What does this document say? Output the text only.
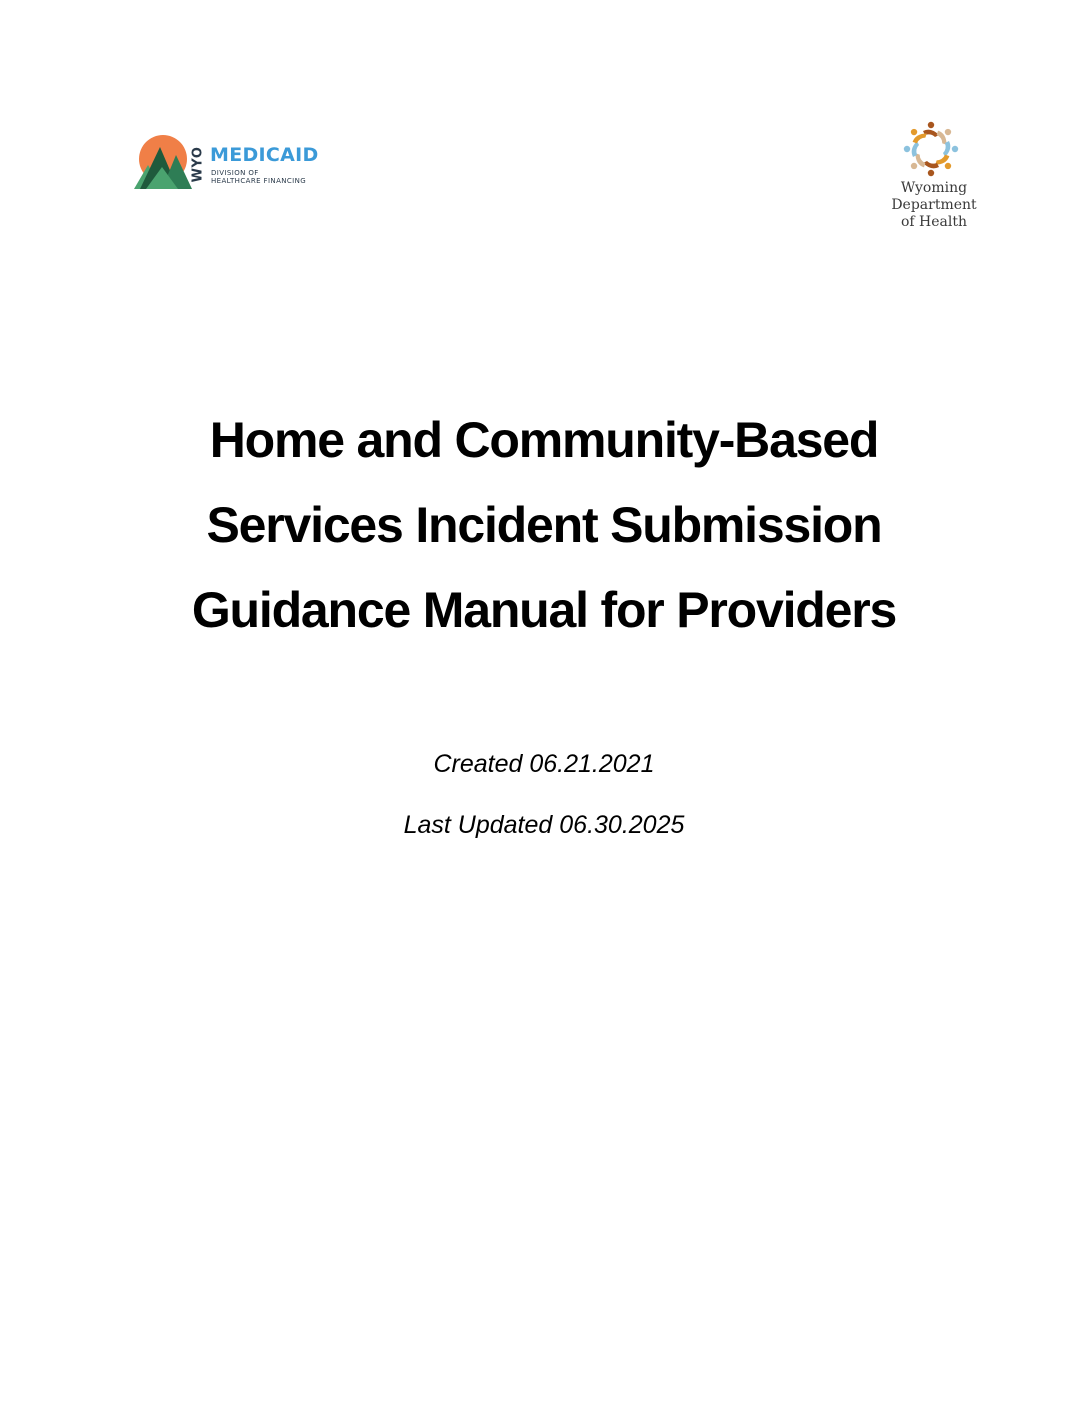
WYO MEDICAID
DIVISION OF
HEALTHCARE FINANCING	Wyoming
Department
of Health
Home and Community-Based
Services Incident Submission
Guidance Manual for Providers
Created 06.21.2021
Last Updated 06.30.2025
